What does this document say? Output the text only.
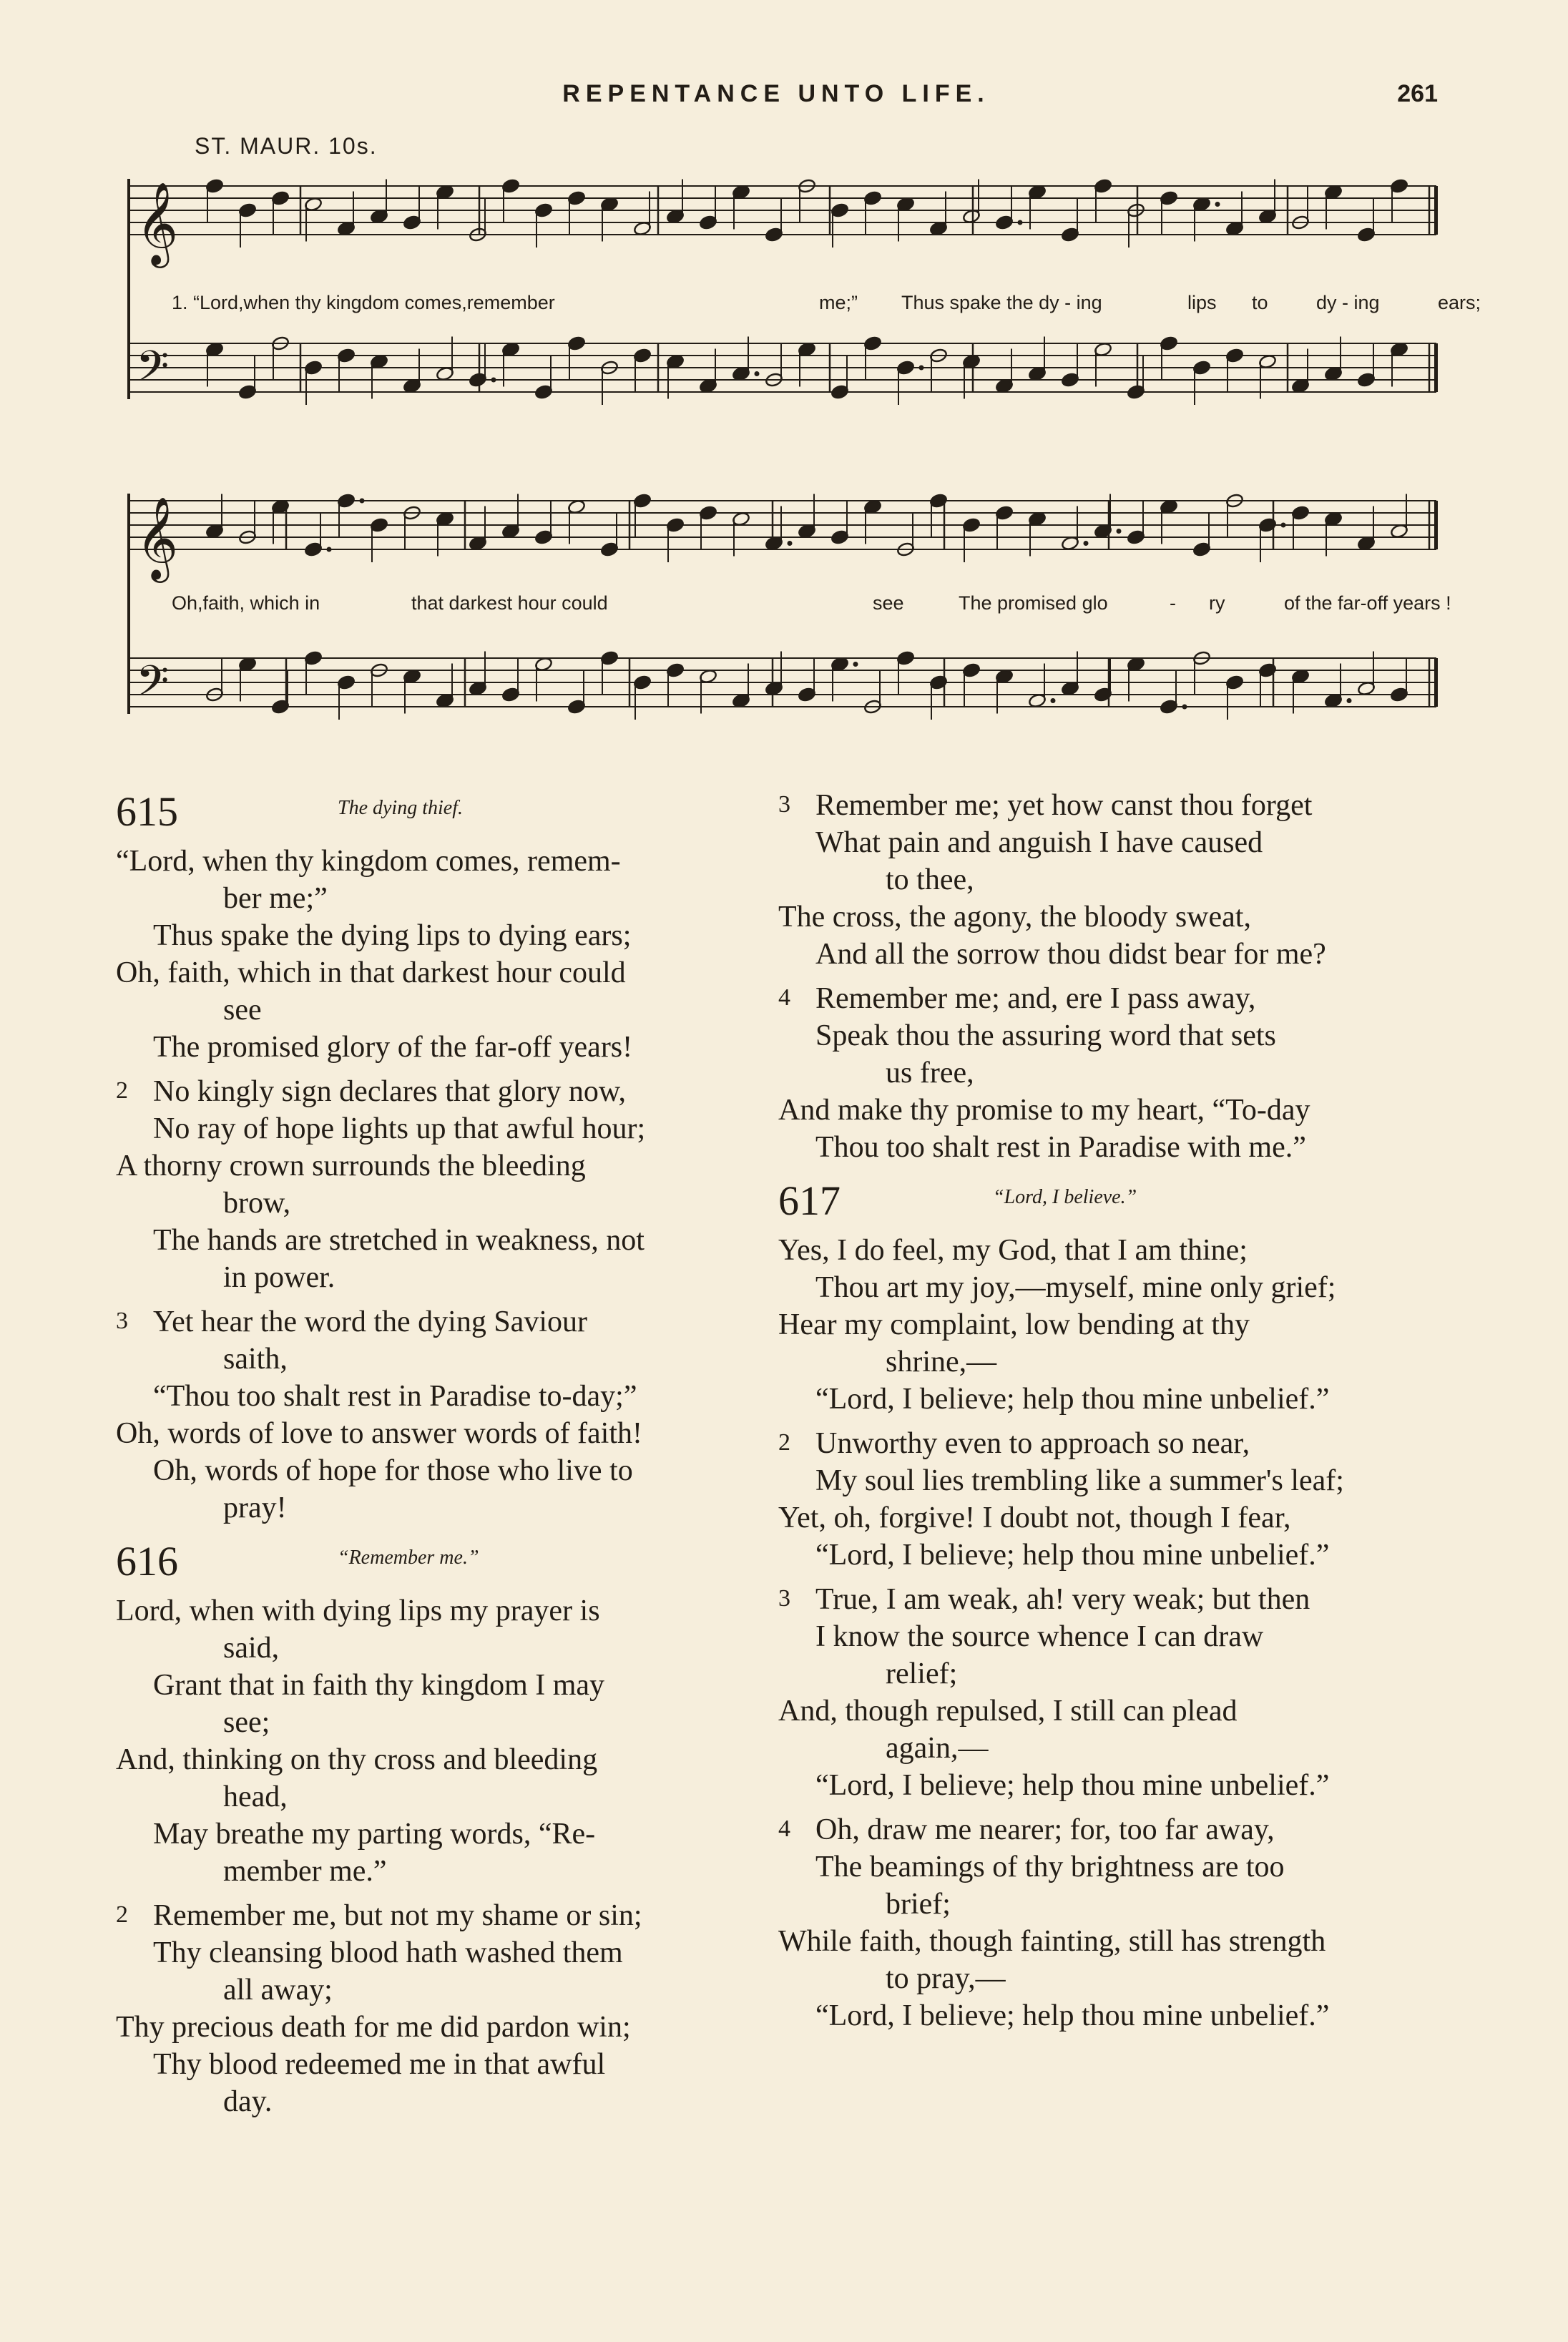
REPENTANCE UNTO LIFE.	261
ST. MAUR. 10s.
𝄞
𝄢
1. “Lord,when thy kingdom comes,remember	me;” Thus spake the dy - ing	lips to dy - ing	ears;
𝄞
𝄢
Oh,faith, which in	that darkest hour could	see	The promised glo	- ry	of the far-off years !
615	The dying thief.
“Lord, when thy kingdom comes, remem-
ber me;”
Thus spake the dying lips to dying ears;
Oh, faith, which in that darkest hour could
see
The promised glory of the far-off years!
2 No kingly sign declares that glory now,
No ray of hope lights up that awful hour;
A thorny crown surrounds the bleeding
brow,
The hands are stretched in weakness, not
in power.
3 Yet hear the word the dying Saviour
saith,
“Thou too shalt rest in Paradise to-day;”
Oh, words of love to answer words of faith!
Oh, words of hope for those who live to
pray!
616	“Remember me.”
Lord, when with dying lips my prayer is
said,
Grant that in faith thy kingdom I may
see;
And, thinking on thy cross and bleeding
head,
May breathe my parting words, “Re-
member me.”
2 Remember me, but not my shame or sin;
Thy cleansing blood hath washed them
all away;
Thy precious death for me did pardon win;
Thy blood redeemed me in that awful
day.
3 Remember me; yet how canst thou forget
What pain and anguish I have caused
to thee,
The cross, the agony, the bloody sweat,
And all the sorrow thou didst bear for me?
4 Remember me; and, ere I pass away,
Speak thou the assuring word that sets
us free,
And make thy promise to my heart, “To-day
Thou too shalt rest in Paradise with me.”
617	“Lord, I believe.”
Yes, I do feel, my God, that I am thine;
Thou art my joy,—myself, mine only grief;
Hear my complaint, low bending at thy
shrine,—
“Lord, I believe; help thou mine unbelief.”
2 Unworthy even to approach so near,
My soul lies trembling like a summer's leaf;
Yet, oh, forgive! I doubt not, though I fear,
“Lord, I believe; help thou mine unbelief.”
3 True, I am weak, ah! very weak; but then
I know the source whence I can draw
relief;
And, though repulsed, I still can plead
again,—
“Lord, I believe; help thou mine unbelief.”
4 Oh, draw me nearer; for, too far away,
The beamings of thy brightness are too
brief;
While faith, though fainting, still has strength
to pray,—
“Lord, I believe; help thou mine unbelief.”
